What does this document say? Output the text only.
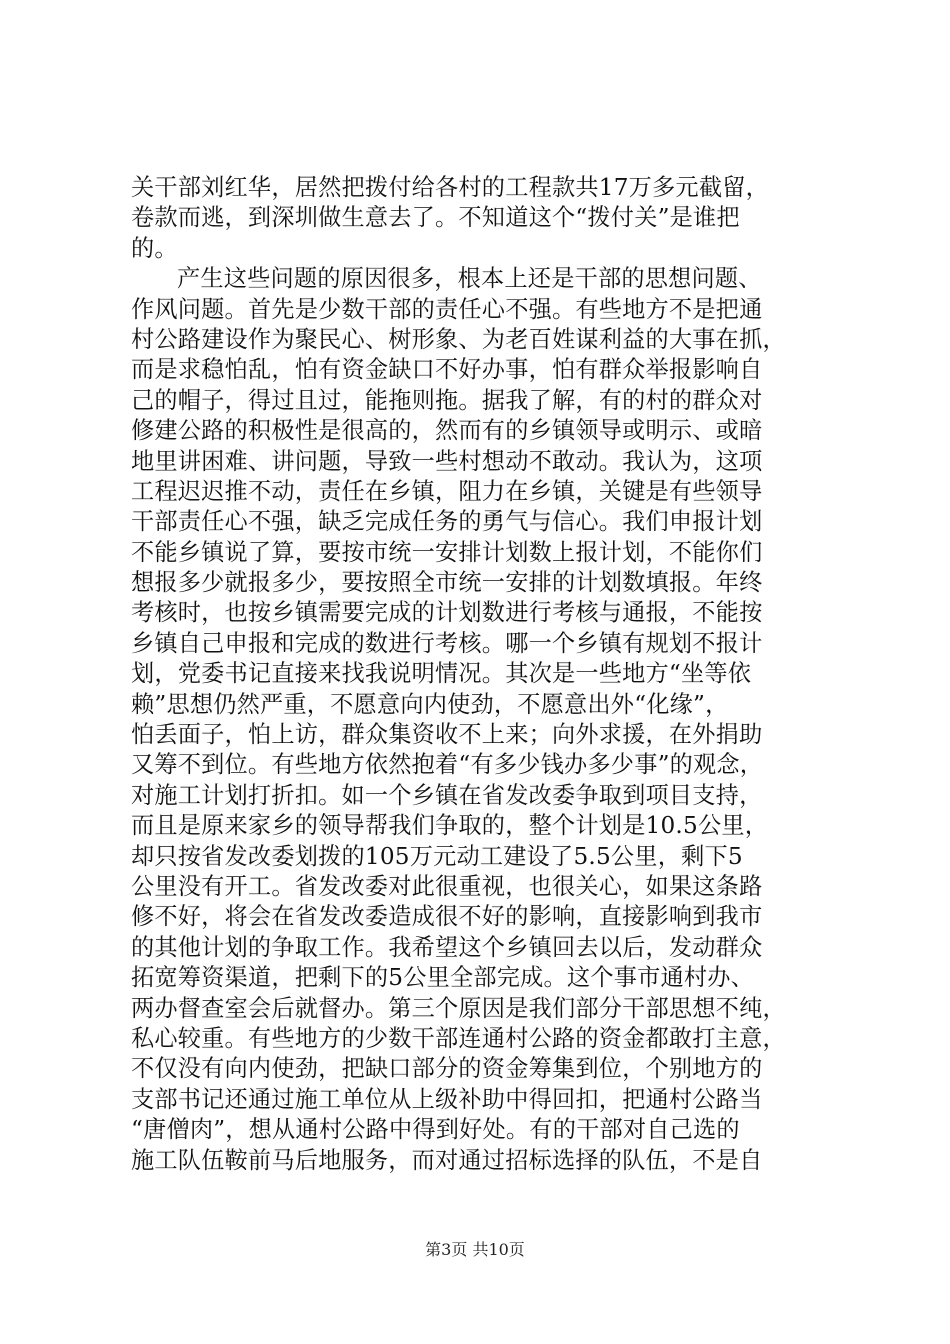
关干部刘红华，居然把拨付给各村的工程款共17万多元截留，
卷款而逃，到深圳做生意去了。不知道这个“拨付关”是谁把
的。
产生这些问题的原因很多，根本上还是干部的思想问题、
作风问题。首先是少数干部的责任心不强。有些地方不是把通
村公路建设作为聚民心、树形象、为老百姓谋利益的大事在抓，
而是求稳怕乱，怕有资金缺口不好办事，怕有群众举报影响自
己的帽子，得过且过，能拖则拖。据我了解，有的村的群众对
修建公路的积极性是很高的，然而有的乡镇领导或明示、或暗
地里讲困难、讲问题，导致一些村想动不敢动。我认为，这项
工程迟迟推不动，责任在乡镇，阻力在乡镇，关键是有些领导
干部责任心不强，缺乏完成任务的勇气与信心。我们申报计划
不能乡镇说了算，要按市统一安排计划数上报计划，不能你们
想报多少就报多少，要按照全市统一安排的计划数填报。年终
考核时，也按乡镇需要完成的计划数进行考核与通报，不能按
乡镇自己申报和完成的数进行考核。哪一个乡镇有规划不报计
划，党委书记直接来找我说明情况。其次是一些地方“坐等依
赖”思想仍然严重，不愿意向内使劲，不愿意出外“化缘”，
怕丢面子，怕上访，群众集资收不上来；向外求援，在外捐助
又筹不到位。有些地方依然抱着“有多少钱办多少事”的观念，
对施工计划打折扣。如一个乡镇在省发改委争取到项目支持，
而且是原来家乡的领导帮我们争取的，整个计划是10.5公里，
却只按省发改委划拨的105万元动工建设了5.5公里，剩下5
公里没有开工。省发改委对此很重视，也很关心，如果这条路
修不好，将会在省发改委造成很不好的影响，直接影响到我市
的其他计划的争取工作。我希望这个乡镇回去以后，发动群众
拓宽筹资渠道，把剩下的5公里全部完成。这个事市通村办、
两办督查室会后就督办。第三个原因是我们部分干部思想不纯，
私心较重。有些地方的少数干部连通村公路的资金都敢打主意，
不仅没有向内使劲，把缺口部分的资金筹集到位，个别地方的
支部书记还通过施工单位从上级补助中得回扣，把通村公路当
“唐僧肉”，想从通村公路中得到好处。有的干部对自己选的
施工队伍鞍前马后地服务，而对通过招标选择的队伍，不是自
第3页 共10页
